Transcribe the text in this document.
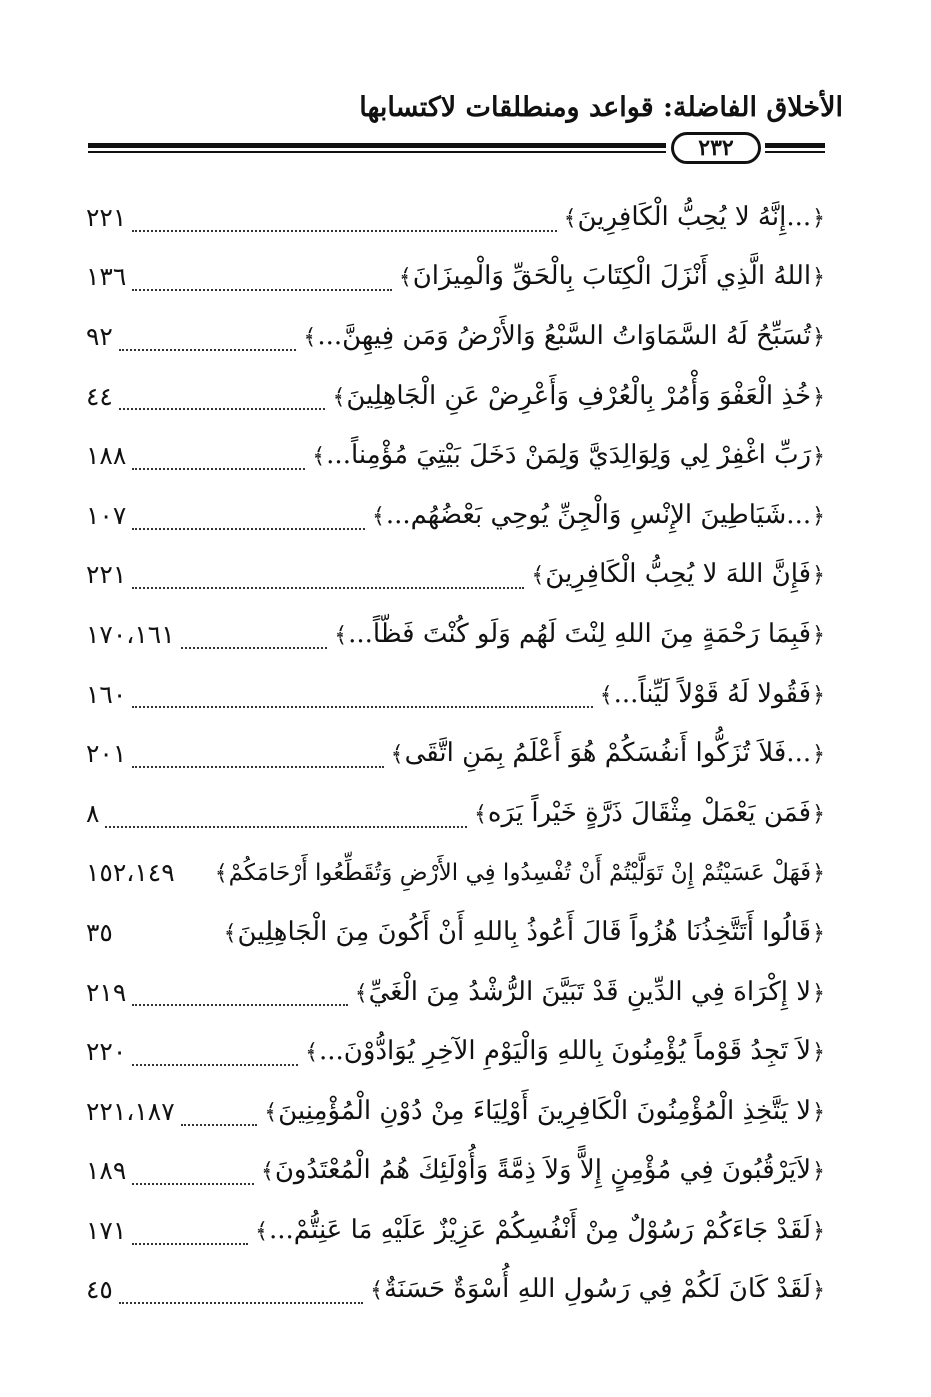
الأخلاق الفاضلة: قواعد ومنطلقات لاكتسابها
٢٣٢
﴿...إِنَّهُ لا يُحِبُّ الْكَافِرِينَ﴾
٢٢١
﴿اللهُ الَّذِي أَنْزَلَ الْكِتَابَ بِالْحَقِّ وَالْمِيزَانَ﴾
١٣٦
﴿تُسَبِّحُ لَهُ السَّمَاوَاتُ السَّبْعُ وَالأَرْضُ وَمَن فِيهِنَّ...﴾
٩٢
﴿خُذِ الْعَفْوَ وَأْمُرْ بِالْعُرْفِ وَأَعْرِضْ عَنِ الْجَاهِلِينَ﴾
٤٤
﴿رَبِّ اغْفِرْ لِي وَلِوَالِدَيَّ وَلِمَنْ دَخَلَ بَيْتِيَ مُؤْمِناً...﴾
١٨٨
﴿...شَيَاطِينَ الإِنْسِ وَالْجِنِّ يُوحِي بَعْضُهُم...﴾
١٠٧
﴿فَإِنَّ اللهَ لا يُحِبُّ الْكَافِرِينَ﴾
٢٢١
﴿فَبِمَا رَحْمَةٍ مِنَ اللهِ لِنْتَ لَهُم وَلَو كُنْتَ فَظّاً...﴾
١٧٠،١٦١
﴿فَقُولا لَهُ قَوْلاً لَيِّناً...﴾
١٦٠
﴿...فَلاَ تُزَكُّوا أَنفُسَكُمْ هُوَ أَعْلَمُ بِمَنِ اتَّقَى﴾
٢٠١
﴿فَمَن يَعْمَلْ مِثْقَالَ ذَرَّةٍ خَيْراً يَرَه﴾
٨
﴿فَهَلْ عَسَيْتُمْ إِنْ تَوَلَّيْتُمْ أَنْ تُفْسِدُوا فِي الأَرْضِ وَتُقَطِّعُوا أَرْحَامَكُمْ﴾
١٥٢،١٤٩
﴿قَالُوا أَتَتَّخِذُنَا هُزُواً قَالَ أَعُوذُ بِاللهِ أَنْ أَكُونَ مِنَ الْجَاهِلِينَ﴾
٣٥
﴿لا إِكْرَاهَ فِي الدِّينِ قَدْ تَبَيَّنَ الرُّشْدُ مِنَ الْغَيِّ﴾
٢١٩
﴿لاَ تَجِدُ قَوْماً يُؤْمِنُونَ بِاللهِ وَالْيَوْمِ الآخِرِ يُوَادُّوْنَ...﴾
٢٢٠
﴿لا يَتَّخِذِ الْمُؤْمِنُونَ الْكَافِرِينَ أَوْلِيَاءَ مِنْ دُوْنِ الْمُؤْمِنِينَ﴾
٢٢١،١٨٧
﴿لاَيَرْقُبُونَ فِي مُؤْمِنٍ إِلاًّ وَلاَ ذِمَّةً وَأُوْلَئِكَ هُمُ الْمُعْتَدُونَ﴾
١٨٩
﴿لَقَدْ جَاءَكُمْ رَسُوْلٌ مِنْ أَنْفُسِكُمْ عَزِيْزٌ عَلَيْهِ مَا عَنِتُّمْ...﴾
١٧١
﴿لَقَدْ كَانَ لَكُمْ فِي رَسُولِ اللهِ أُسْوَةٌ حَسَنَةٌ﴾
٤٥
